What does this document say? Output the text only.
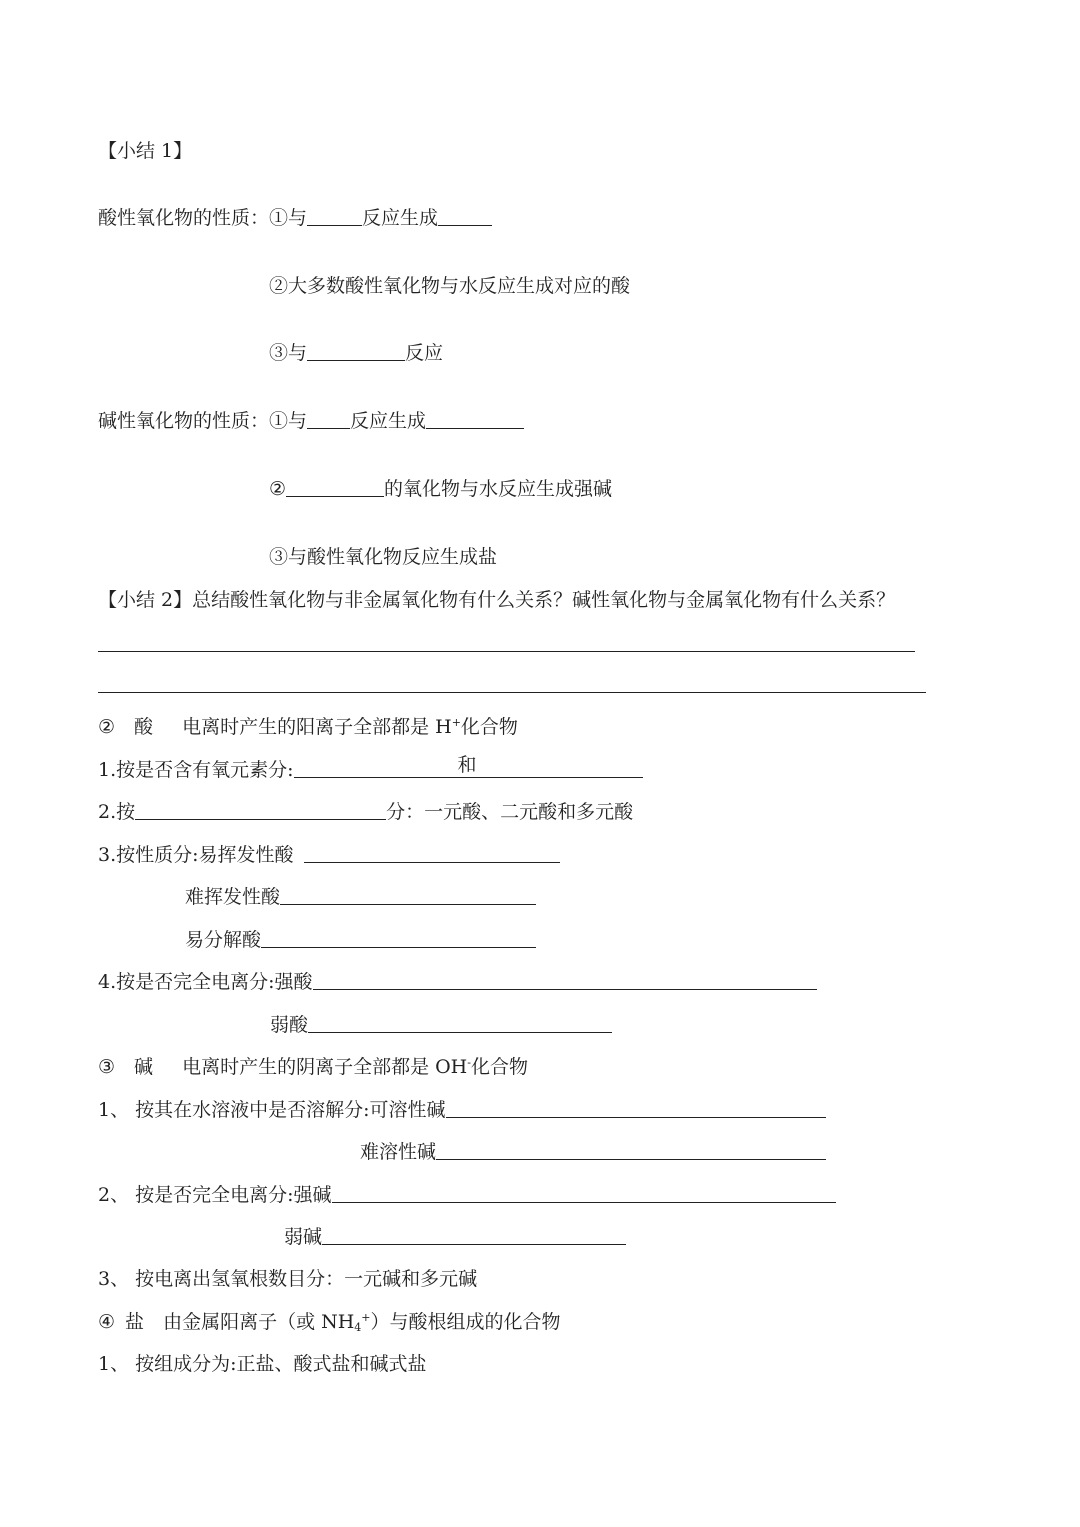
【小结 1】
酸性氧化物的性质：①与	反应生成
②大多数酸性氧化物与水反应生成对应的酸
③与	反应
碱性氧化物的性质：①与 反应生成
②	的氧化物与水反应生成强碱
③与酸性氧化物反应生成盐
【小结 2】总结酸性氧化物与非金属氧化物有什么关系？碱性氧化物与金属氧化物有什么关系？
② 酸 电离时产生的阳离子全部都是 H+化合物
1.按是否含有氧元素分:	和
2.按	分：一元酸、二元酸和多元酸
3.按性质分:易挥发性酸
难挥发性酸
易分解酸
4.按是否完全电离分:强酸
弱酸
③ 碱 电离时产生的阴离子全部都是 OH-化合物
1、 按其在水溶液中是否溶解分:可溶性碱
难溶性碱
2、 按是否完全电离分:强碱
弱碱
3、 按电离出氢氧根数目分：一元碱和多元碱
④ 盐 由金属阳离子（或 $NH_4^+$）与酸根组成的化合物
1、 按组成分为:正盐、酸式盐和碱式盐
